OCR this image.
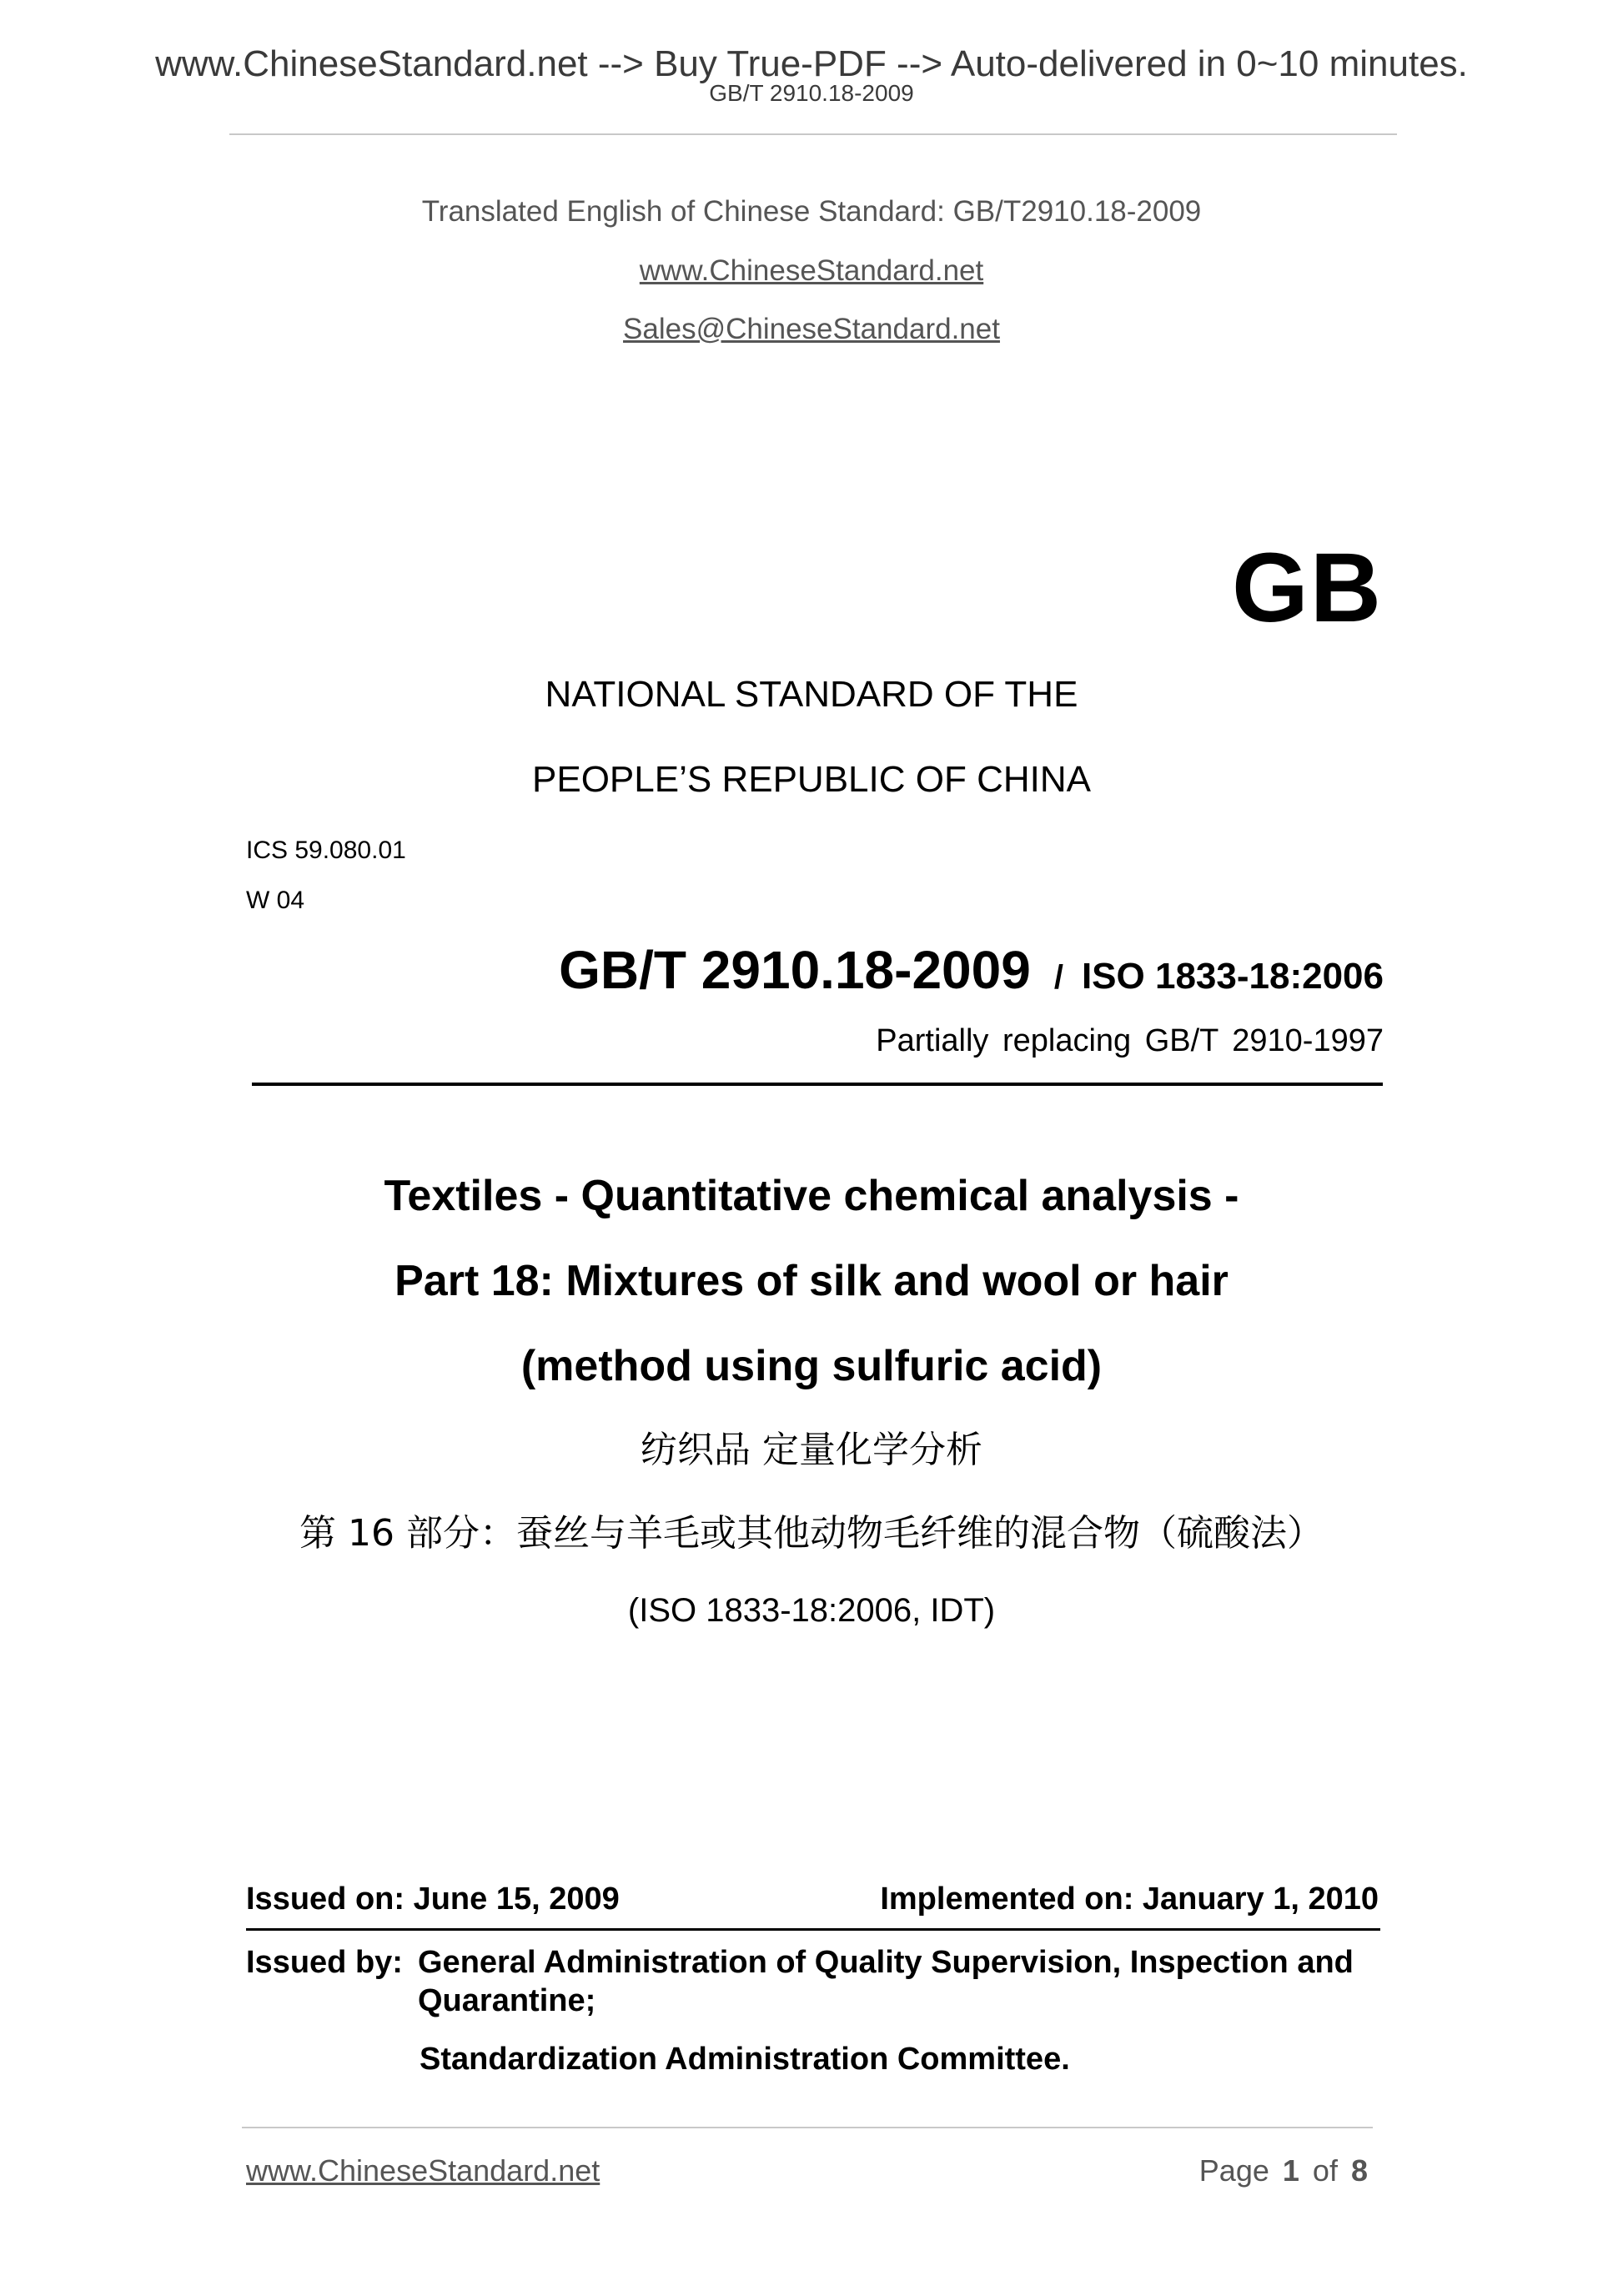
www.ChineseStandard.net --> Buy True-PDF --> Auto-delivered in 0~10 minutes.
GB/T 2910.18-2009
Translated English of Chinese Standard: GB/T2910.18-2009
www.ChineseStandard.net
Sales@ChineseStandard.net
GB
NATIONAL STANDARD OF THE
PEOPLE’S REPUBLIC OF CHINA
ICS 59.080.01
W 04
GB/T 2910.18-2009 / ISO 1833-18:2006
Partially replacing GB/T 2910-1997
Textiles - Quantitative chemical analysis -
Part 18: Mixtures of silk and wool or hair
(method using sulfuric acid)
纺织品 定量化学分析
第 16 部分：蚕丝与羊毛或其他动物毛纤维的混合物（硫酸法）
(ISO 1833-18:2006, IDT)
Issued on: June 15, 2009	Implemented on: January 1, 2010
Issued by: General Administration of Quality Supervision, Inspection and Quarantine;
Standardization Administration Committee.
www.ChineseStandard.net	Page 1 of 8
